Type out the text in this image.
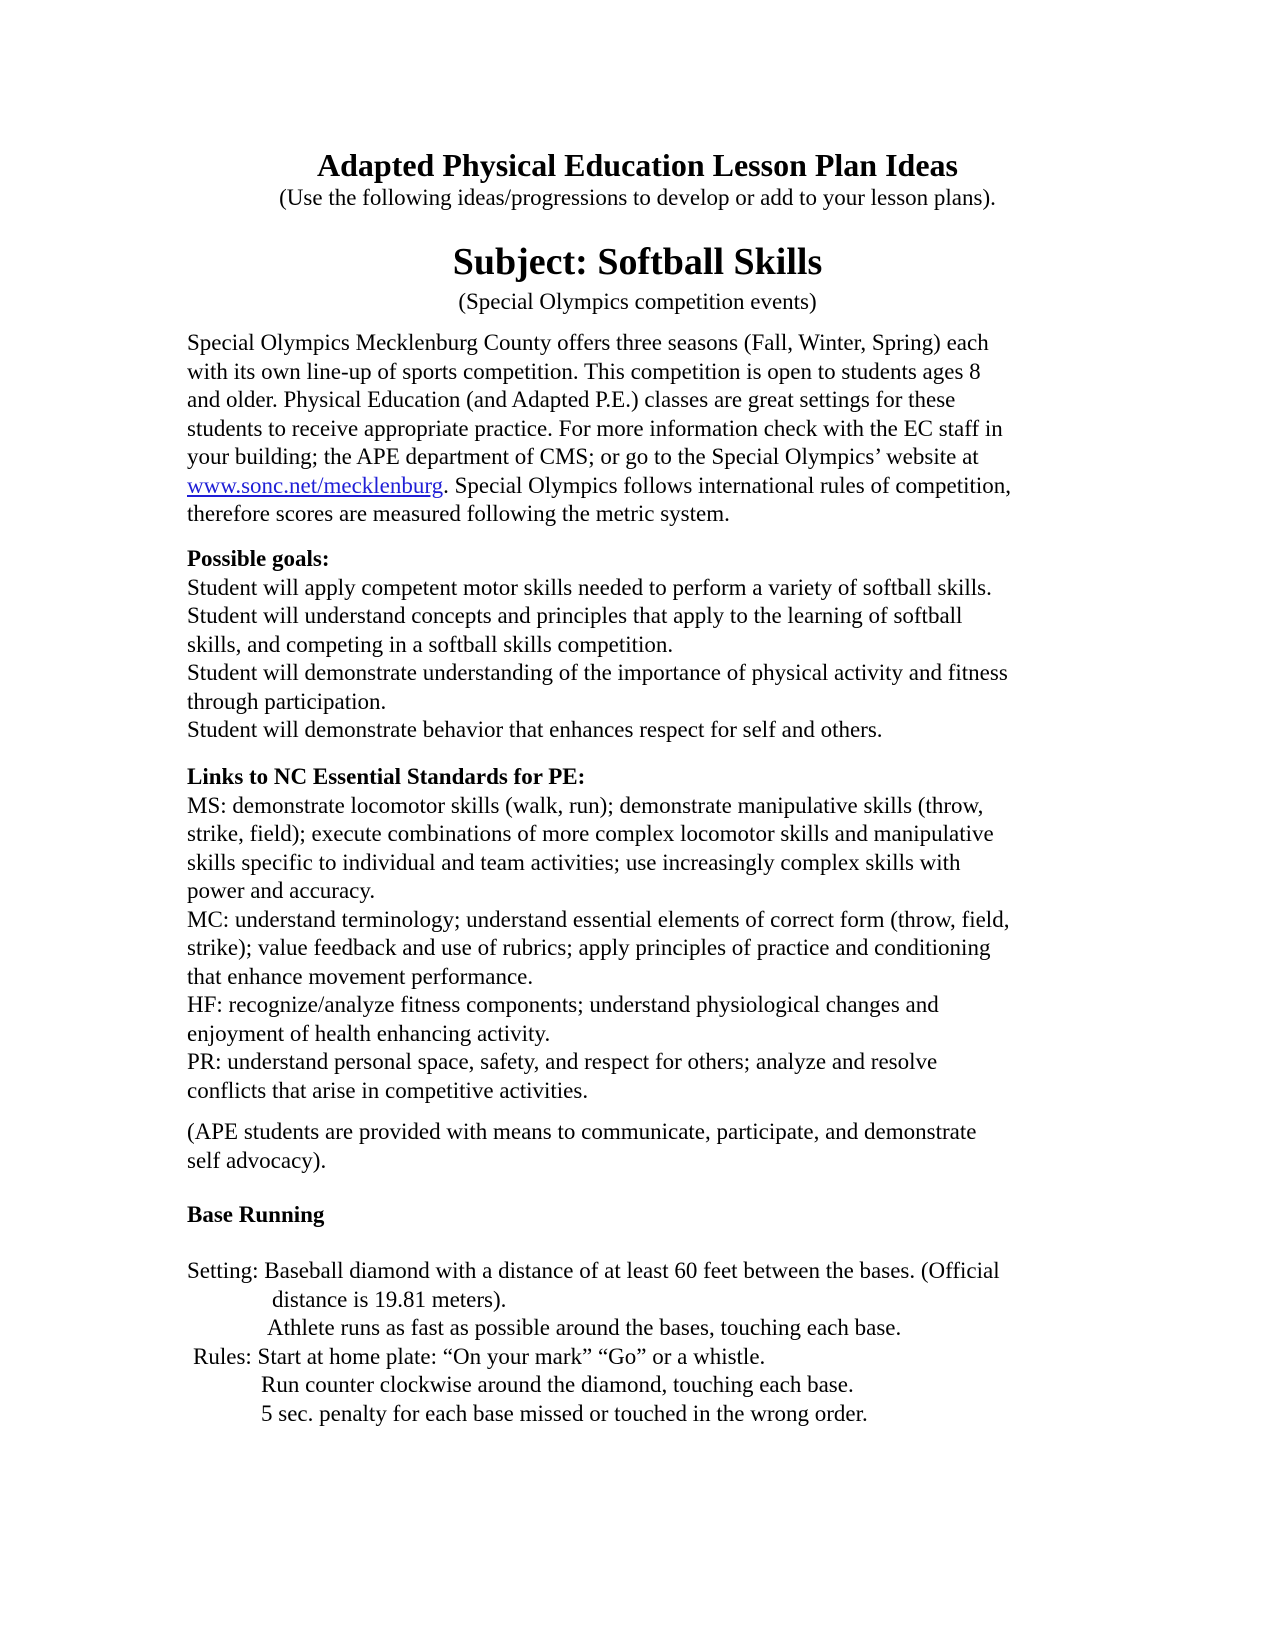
Adapted Physical Education Lesson Plan Ideas
(Use the following ideas/progressions to develop or add to your lesson plans).
Subject: Softball Skills
(Special Olympics competition events)
Special Olympics Mecklenburg County offers three seasons (Fall, Winter, Spring) each
with its own line-up of sports competition. This competition is open to students ages 8
and older. Physical Education (and Adapted P.E.) classes are great settings for these
students to receive appropriate practice. For more information check with the EC staff in
your building; the APE department of CMS; or go to the Special Olympics’ website at
www.sonc.net/mecklenburg. Special Olympics follows international rules of competition,
therefore scores are measured following the metric system.
Possible goals:
Student will apply competent motor skills needed to perform a variety of softball skills.
Student will understand concepts and principles that apply to the learning of softball
skills, and competing in a softball skills competition.
Student will demonstrate understanding of the importance of physical activity and fitness
through participation.
Student will demonstrate behavior that enhances respect for self and others.
Links to NC Essential Standards for PE:
MS: demonstrate locomotor skills (walk, run); demonstrate manipulative skills (throw,
strike, field); execute combinations of more complex locomotor skills and manipulative
skills specific to individual and team activities; use increasingly complex skills with
power and accuracy.
MC: understand terminology; understand essential elements of correct form (throw, field,
strike); value feedback and use of rubrics; apply principles of practice and conditioning
that enhance movement performance.
HF: recognize/analyze fitness components; understand physiological changes and
enjoyment of health enhancing activity.
PR: understand personal space, safety, and respect for others; analyze and resolve
conflicts that arise in competitive activities.
(APE students are provided with means to communicate, participate, and demonstrate
self advocacy).
Base Running
Setting: Baseball diamond with a distance of at least 60 feet between the bases. (Official
distance is 19.81 meters).
Athlete runs as fast as possible around the bases, touching each base.
Rules: Start at home plate: “On your mark” “Go” or a whistle.
Run counter clockwise around the diamond, touching each base.
5 sec. penalty for each base missed or touched in the wrong order.
